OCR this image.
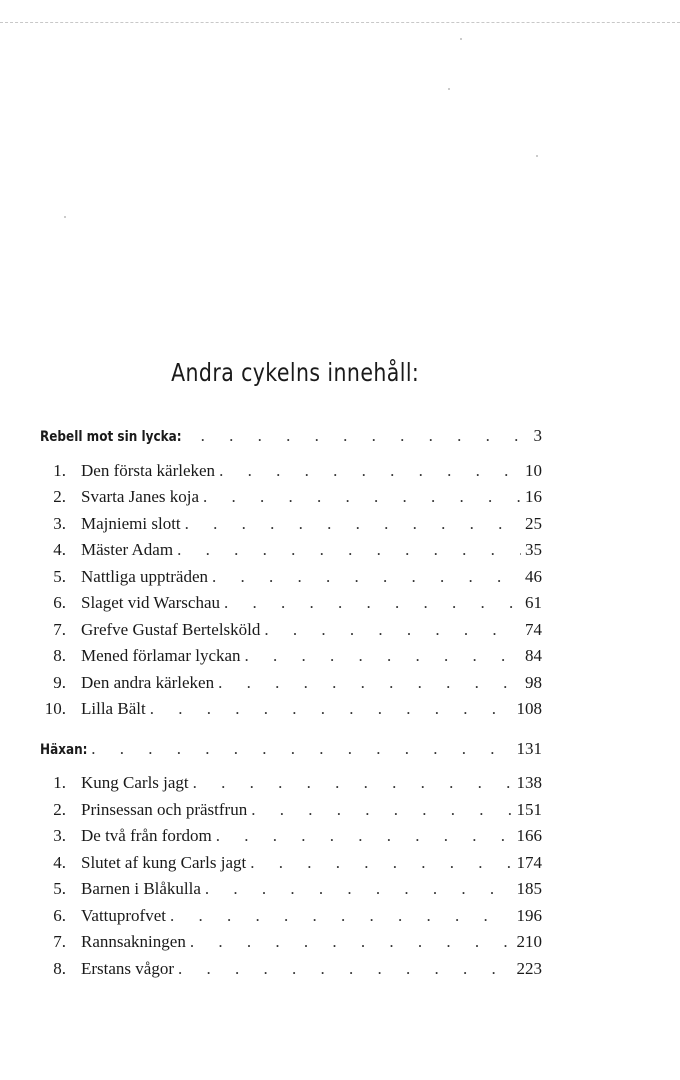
Andra cykelns innehåll:
Rebell mot sin lycka: . . .	3
1. Den första kärleken . . .	10
2. Svarta Janes koja . . .	16
3. Majniemi slott . . .	25
4. Mäster Adam . . .	35
5. Nattliga uppträden . . .	46
6. Slaget vid Warschau . . .	61
7. Grefve Gustaf Bertelsköld . . .	74
8. Mened förlamar lyckan . . .	84
9. Den andra kärleken . . .	98
10. Lilla Bält . . .	108
Häxan: . . .	131
1. Kung Carls jagt . . .	138
2. Prinsessan och prästfrun . . .	151
3. De två från fordom . . .	166
4. Slutet af kung Carls jagt . . .	174
5. Barnen i Blåkulla . . .	185
6. Vattuprofvet . . .	196
7. Rannsakningen . . .	210
8. Erstans vågor . . .	223
